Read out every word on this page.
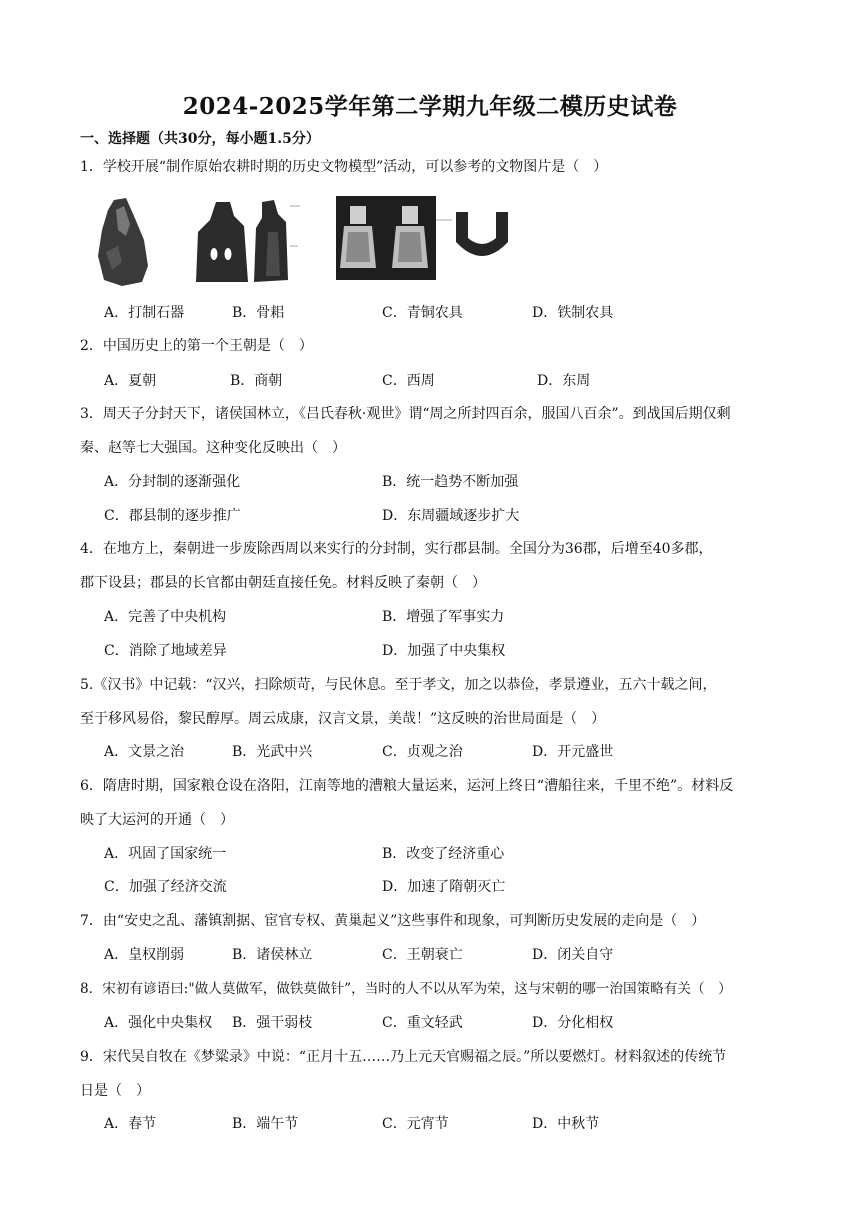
2024-2025学年第二学期九年级二模历史试卷
一、选择题（共30分，每小题1.5分）
1．学校开展“制作原始农耕时期的历史文物模型”活动，可以参考的文物图片是（　）
A．打制石器	B．骨耜	C．青铜农具	D．铁制农具
2．中国历史上的第一个王朝是（　）
A．夏朝	B．商朝	C．西周	D．东周
3．周天子分封天下，诸侯国林立，《吕氏春秋·观世》谓“周之所封四百余，服国八百余”。到战国后期仅剩
秦、赵等七大强国。这种变化反映出（　）
A．分封制的逐渐强化	B．统一趋势不断加强
C．郡县制的逐步推广	D．东周疆域逐步扩大
4．在地方上，秦朝进一步废除西周以来实行的分封制，实行郡县制。全国分为36郡，后增至40多郡，
郡下设县；郡县的长官都由朝廷直接任免。材料反映了秦朝（　）
A．完善了中央机构	B．增强了军事实力
C．消除了地域差异	D．加强了中央集权
5.《汉书》中记载：“汉兴，扫除烦苛，与民休息。至于孝文，加之以恭俭，孝景遵业，五六十载之间，
至于移风易俗，黎民醇厚。周云成康，汉言文景，美哉！”这反映的治世局面是（　）
A．文景之治	B．光武中兴	C．贞观之治	D．开元盛世
6．隋唐时期，国家粮仓设在洛阳，江南等地的漕粮大量运来，运河上终日“漕船往来，千里不绝”。材料反
映了大运河的开通（　）
A．巩固了国家统一	B．改变了经济重心
C．加强了经济交流	D．加速了隋朝灭亡
7．由“安史之乱、藩镇割据、宦官专权、黄巢起义”这些事件和现象，可判断历史发展的走向是（　）
A．皇权削弱	B．诸侯林立	C．王朝衰亡	D．闭关自守
8．宋初有谚语曰:"做人莫做军，做铁莫做针”，当时的人不以从军为荣，这与宋朝的哪一治国策略有关（　）
A．强化中央集权 B．强干弱枝	C．重文轻武	D．分化相权
9．宋代吴自牧在《梦粱录》中说：“正月十五……乃上元天官赐福之辰。”所以要燃灯。材料叙述的传统节
日是（　）
A．春节	B．端午节	C．元宵节	D．中秋节
